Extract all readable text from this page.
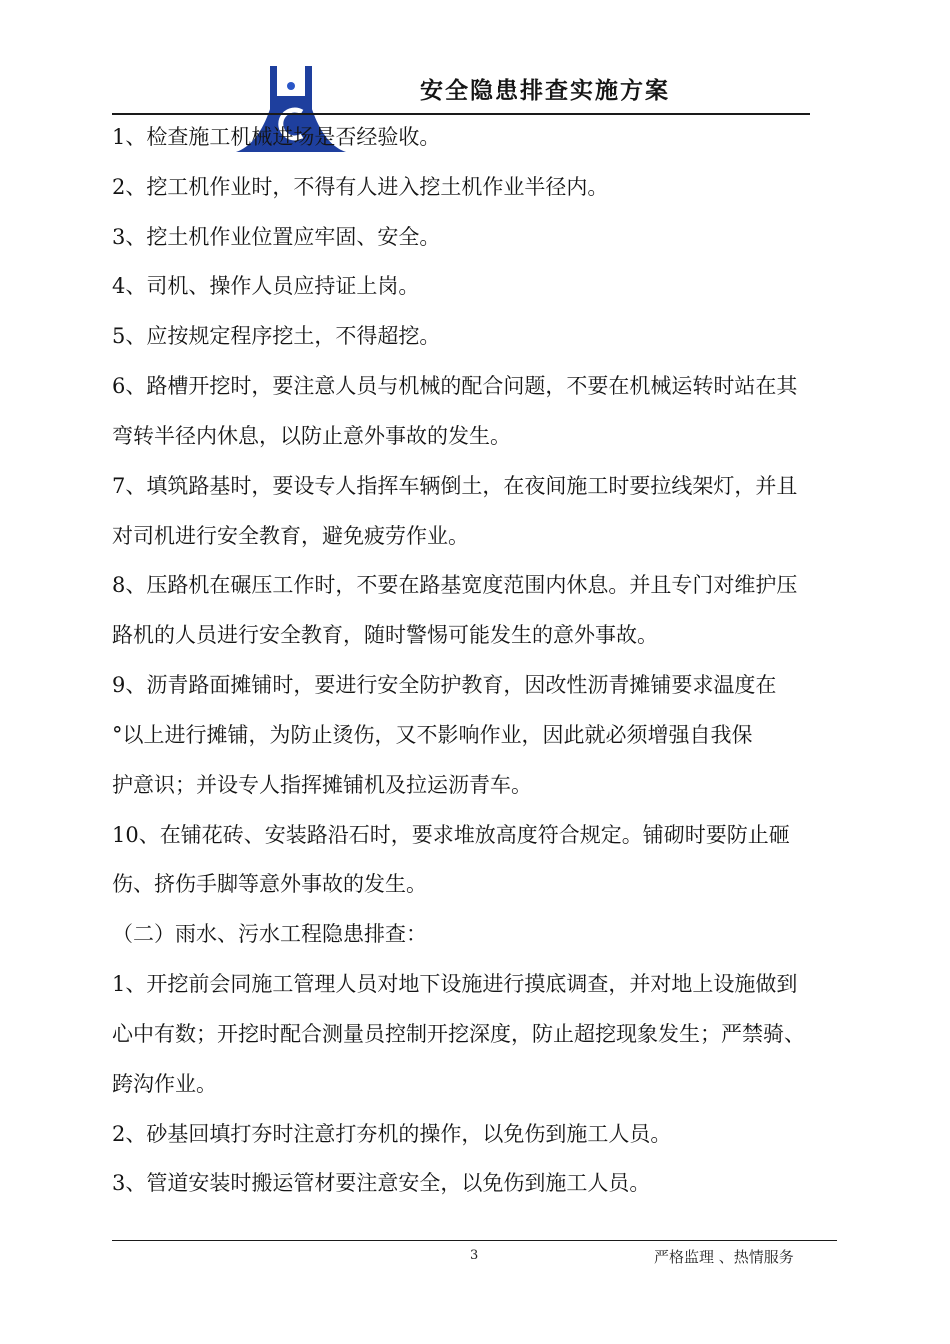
安全隐患排查实施方案
1、检查施工机械进场是否经验收。
2、挖工机作业时，不得有人进入挖土机作业半径内。
3、挖土机作业位置应牢固、安全。
4、司机、操作人员应持证上岗。
5、应按规定程序挖土，不得超挖。
6、路槽开挖时，要注意人员与机械的配合问题，不要在机械运转时站在其
弯转半径内休息，以防止意外事故的发生。
7、填筑路基时，要设专人指挥车辆倒土，在夜间施工时要拉线架灯，并且
对司机进行安全教育，避免疲劳作业。
8、压路机在碾压工作时，不要在路基宽度范围内休息。并且专门对维护压
路机的人员进行安全教育，随时警惕可能发生的意外事故。
9、沥青路面摊铺时，要进行安全防护教育，因改性沥青摊铺要求温度在
°以上进行摊铺，为防止烫伤，又不影响作业，因此就必须增强自我保
护意识；并设专人指挥摊铺机及拉运沥青车。
10、在铺花砖、安装路沿石时，要求堆放高度符合规定。铺砌时要防止砸
伤、挤伤手脚等意外事故的发生。
（二）雨水、污水工程隐患排查：
1、开挖前会同施工管理人员对地下设施进行摸底调查，并对地上设施做到
心中有数；开挖时配合测量员控制开挖深度，防止超挖现象发生；严禁骑、
跨沟作业。
2、砂基回填打夯时注意打夯机的操作，以免伤到施工人员。
3、管道安装时搬运管材要注意安全，以免伤到施工人员。
3	严格监理 、热情服务
